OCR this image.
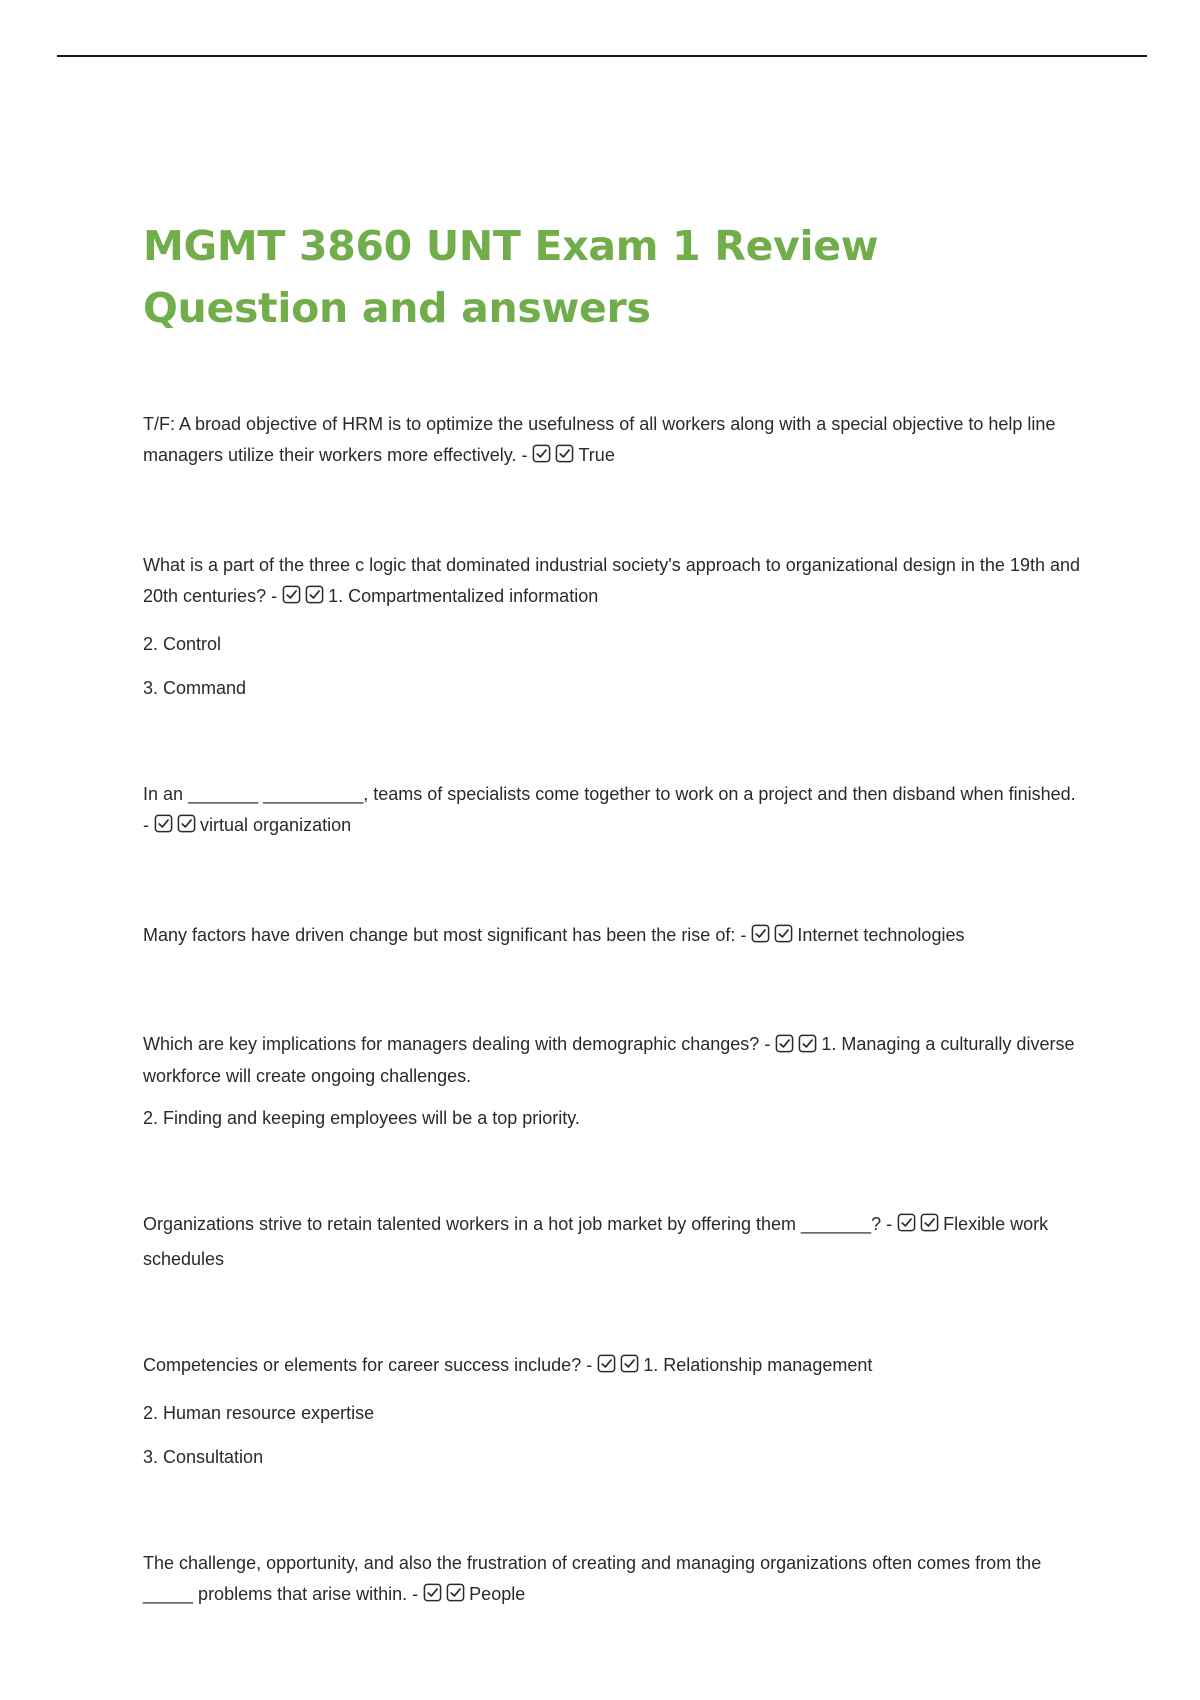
MGMT 3860 UNT Exam 1 Review Question and answers

T/F: A broad objective of HRM is to optimize the usefulness of all workers along with a special objective to help line managers utilize their workers more effectively. -	True

What is a part of the three c logic that dominated industrial society's approach to organizational design in the 19th and 20th centuries? -	1. Compartmentalized information

2. Control

3. Command

In an _______ __________, teams of specialists come together to work on a project and then disband when finished. -	virtual organization

Many factors have driven change but most significant has been the rise of: -	Internet technologies

Which are key implications for managers dealing with demographic changes? -	1. Managing a culturally diverse workforce will create ongoing challenges.

2. Finding and keeping employees will be a top priority.

Organizations strive to retain talented workers in a hot job market by offering them _______? -	Flexible work schedules

Competencies or elements for career success include? -	1. Relationship management

2. Human resource expertise

3. Consultation

The challenge, opportunity, and also the frustration of creating and managing organizations often comes from the _____ problems that arise within. -	People
